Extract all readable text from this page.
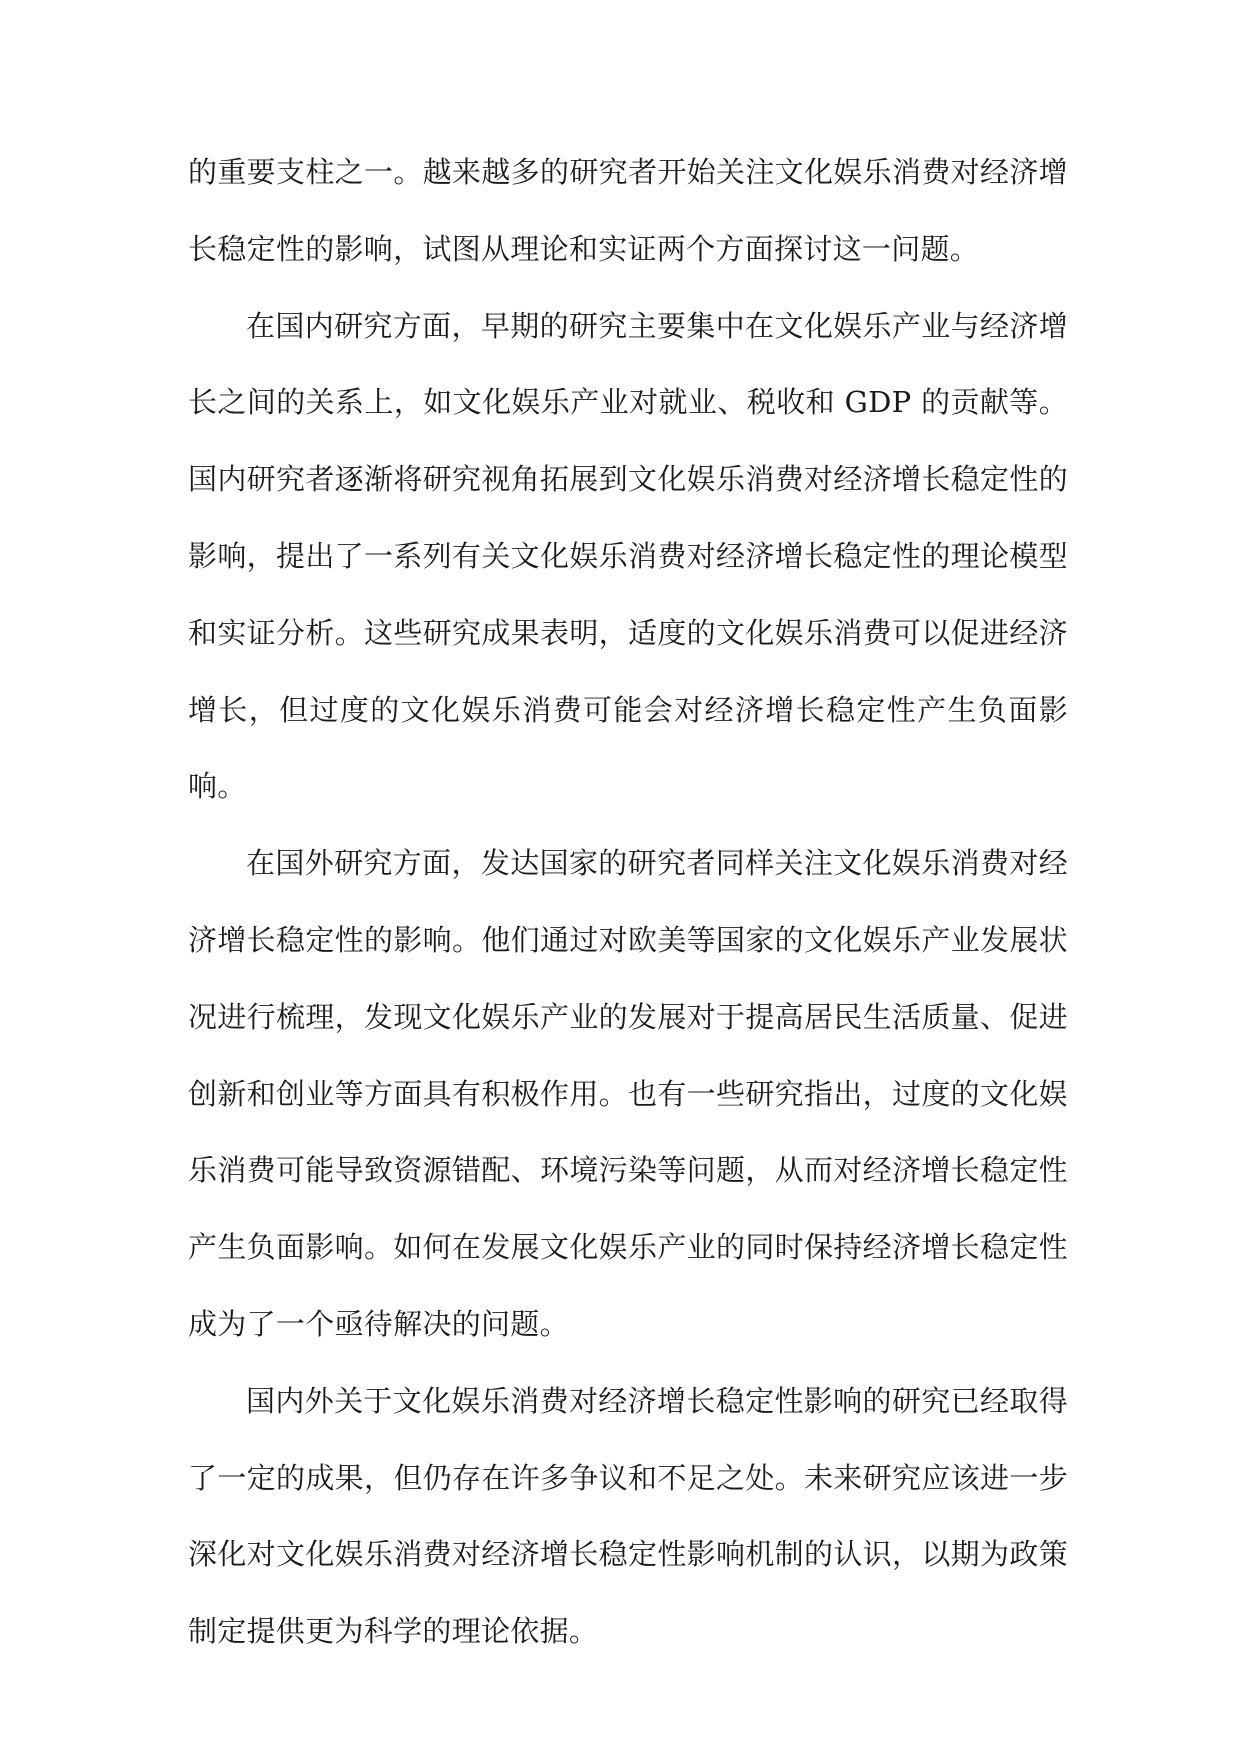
的重要支柱之一。越来越多的研究者开始关注文化娱乐消费对经济增长稳定性的影响，试图从理论和实证两个方面探讨这一问题。

在国内研究方面，早期的研究主要集中在文化娱乐产业与经济增长之间的关系上，如文化娱乐产业对就业、税收和 GDP 的贡献等。国内研究者逐渐将研究视角拓展到文化娱乐消费对经济增长稳定性的影响，提出了一系列有关文化娱乐消费对经济增长稳定性的理论模型和实证分析。这些研究成果表明，适度的文化娱乐消费可以促进经济增长，但过度的文化娱乐消费可能会对经济增长稳定性产生负面影响。

在国外研究方面，发达国家的研究者同样关注文化娱乐消费对经济增长稳定性的影响。他们通过对欧美等国家的文化娱乐产业发展状况进行梳理，发现文化娱乐产业的发展对于提高居民生活质量、促进创新和创业等方面具有积极作用。也有一些研究指出，过度的文化娱乐消费可能导致资源错配、环境污染等问题，从而对经济增长稳定性产生负面影响。如何在发展文化娱乐产业的同时保持经济增长稳定性成为了一个亟待解决的问题。

国内外关于文化娱乐消费对经济增长稳定性影响的研究已经取得了一定的成果，但仍存在许多争议和不足之处。未来研究应该进一步深化对文化娱乐消费对经济增长稳定性影响机制的认识，以期为政策制定提供更为科学的理论依据。
